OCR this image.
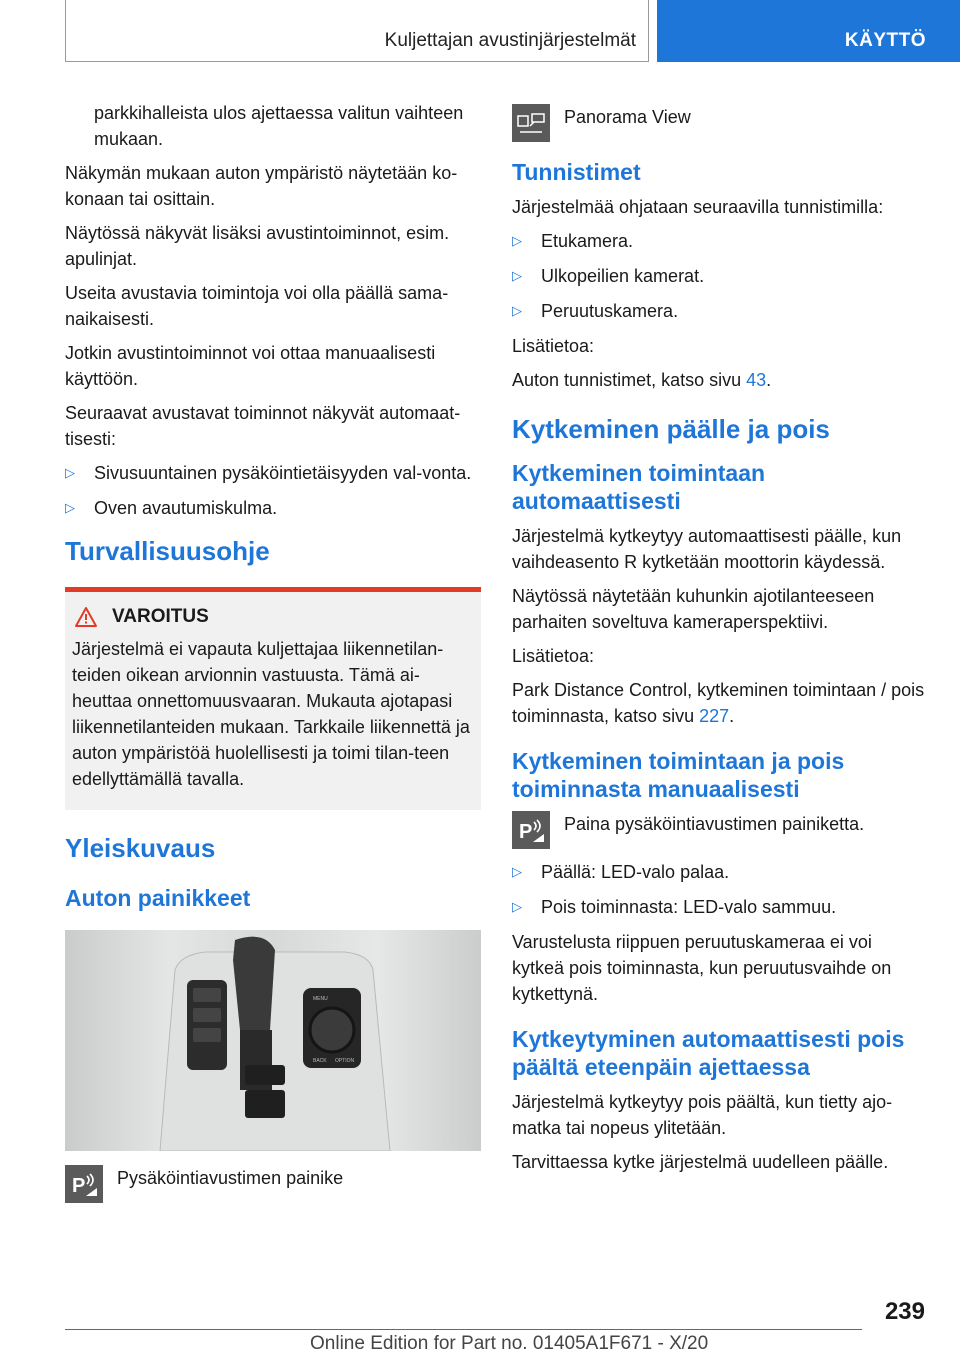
Kuljettajan avustinjärjestelmät	KÄYTTÖ

parkkihalleista ulos ajettaessa valitun vaihteen mukaan.

Näkymän mukaan auton ympäristö näytetään ko-konaan tai osittain.

Näytössä näkyvät lisäksi avustintoiminnot, esim. apulinjat.

Useita avustavia toimintoja voi olla päällä sama-naikaisesti.

Jotkin avustintoiminnot voi ottaa manuaalisesti käyttöön.

Seuraavat avustavat toiminnot näkyvät automaat-tisesti:

▷	Sivusuuntainen pysäköintietäisyyden val-vonta.
▷	Oven avautumiskulma.
Turvallisuusohje
VAROITUS

Järjestelmä ei vapauta kuljettajaa liikennetilan-teiden oikean arvionnin vastuusta. Tämä ai-heuttaa onnettomuusvaaran. Mukauta ajotapasi liikennetilanteiden mukaan. Tarkkaile liikennettä ja auton ympäristöä huolellisesti ja toimi tilan-teen edellyttämällä tavalla.

Yleiskuvaus
Auton painikkeet
MENU
BACK OPTION
P Pysäköintiavustimen painike

Panorama View

Tunnistimet

Järjestelmää ohjataan seuraavilla tunnistimilla:

▷	Etukamera.
▷	Ulkopeilien kamerat.
▷	Peruutuskamera.

Lisätietoa:

Auton tunnistimet, katso sivu 43.

Kytkeminen päälle ja pois
Kytkeminen toimintaan automaattisesti

Järjestelmä kytkeytyy automaattisesti päälle, kun vaihdeasento R kytketään moottorin käydessä.

Näytössä näytetään kuhunkin ajotilanteeseen parhaiten soveltuva kameraperspektiivi.

Lisätietoa:

Park Distance Control, kytkeminen toimintaan / pois toiminnasta, katso sivu 227.

Kytkeminen toimintaan ja pois toiminnasta manuaalisesti
P Paina pysäköintiavustimen painiketta.

▷	Päällä: LED-valo palaa.
▷	Pois toiminnasta: LED-valo sammuu.

Varustelusta riippuen peruutuskameraa ei voi kytkeä pois toiminnasta, kun peruutusvaihde on kytkettynä.

Kytkeytyminen automaattisesti pois päältä eteenpäin ajettaessa

Järjestelmä kytkeytyy pois päältä, kun tietty ajo-matka tai nopeus ylitetään.

Tarvittaessa kytke järjestelmä uudelleen päälle.

239
Online Edition for Part no. 01405A1F671 - X/20
